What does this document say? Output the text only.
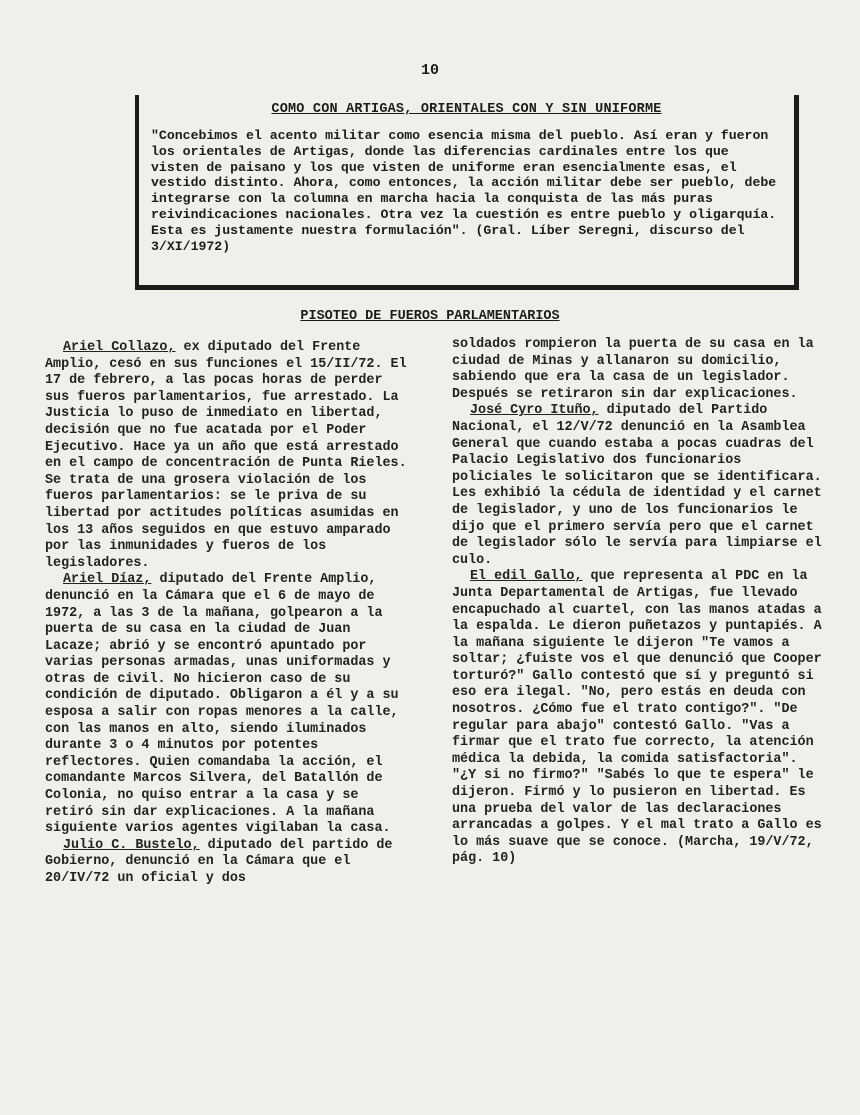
10
COMO CON ARTIGAS, ORIENTALES CON Y SIN UNIFORME
"Concebimos el acento militar como esencia misma del pueblo. Así eran y fueron los orientales de Artigas, donde las diferencias cardinales entre los que visten de paisano y los que visten de uniforme eran esencialmente esas, el vestido distinto. Ahora, como entonces, la acción militar debe ser pueblo, debe integrarse con la columna en marcha hacia la conquista de las más puras reivindicaciones nacionales. Otra vez la cuestión es entre pueblo y oligarquía. Esta es justamente nuestra formulación". (Gral. Líber Seregni, discurso del 3/XI/1972)
PISOTEO DE FUEROS PARLAMENTARIOS

Ariel Collazo, ex diputado del Frente Amplio, cesó en sus funciones el 15/II/72. El 17 de febrero, a las pocas horas de perder sus fueros parlamentarios, fue arrestado. La Justicia lo puso de inmediato en libertad, decisión que no fue acatada por el Poder Ejecutivo. Hace ya un año que está arrestado en el campo de concentración de Punta Rieles. Se trata de una grosera violación de los fueros parlamentarios: se le priva de su libertad por actitudes políticas asumidas en los 13 años seguidos en que estuvo amparado por las inmunidades y fueros de los legisladores.

Ariel Díaz, diputado del Frente Amplio, denunció en la Cámara que el 6 de mayo de 1972, a las 3 de la mañana, golpearon a la puerta de su casa en la ciudad de Juan Lacaze; abrió y se encontró apuntado por varias personas armadas, unas uniformadas y otras de civil. No hicieron caso de su condición de diputado. Obligaron a él y a su esposa a salir con ropas menores a la calle, con las manos en alto, siendo iluminados durante 3 o 4 minutos por potentes reflectores. Quien comandaba la acción, el comandante Marcos Silvera, del Batallón de Colonia, no quiso entrar a la casa y se retiró sin dar explicaciones. A la mañana siguiente varios agentes vigilaban la casa.

Julio C. Bustelo, diputado del partido de Gobierno, denunció en la Cámara que el 20/IV/72 un oficial y dos

soldados rompieron la puerta de su casa en la ciudad de Minas y allanaron su domicilio, sabiendo que era la casa de un legislador. Después se retiraron sin dar explicaciones.

José Cyro Ituño, diputado del Partido Nacional, el 12/V/72 denunció en la Asamblea General que cuando estaba a pocas cuadras del Palacio Legislativo dos funcionarios policiales le solicitaron que se identificara. Les exhibió la cédula de identidad y el carnet de legislador, y uno de los funcionarios le dijo que el primero servía pero que el carnet de legislador sólo le servía para limpiarse el culo.

El edil Gallo, que representa al PDC en la Junta Departamental de Artigas, fue llevado encapuchado al cuartel, con las manos atadas a la espalda. Le dieron puñetazos y puntapiés. A la mañana siguiente le dijeron "Te vamos a soltar; ¿fuiste vos el que denunció que Cooper torturó?" Gallo contestó que sí y preguntó si eso era ilegal. "No, pero estás en deuda con nosotros. ¿Cómo fue el trato contigo?". "De regular para abajo" contestó Gallo. "Vas a firmar que el trato fue correcto, la atención médica la debida, la comida satisfactoria". "¿Y si no firmo?" "Sabés lo que te espera" le dijeron. Firmó y lo pusieron en libertad. Es una prueba del valor de las declaraciones arrancadas a golpes. Y el mal trato a Gallo es lo más suave que se conoce. (Marcha, 19/V/72, pág. 10)
